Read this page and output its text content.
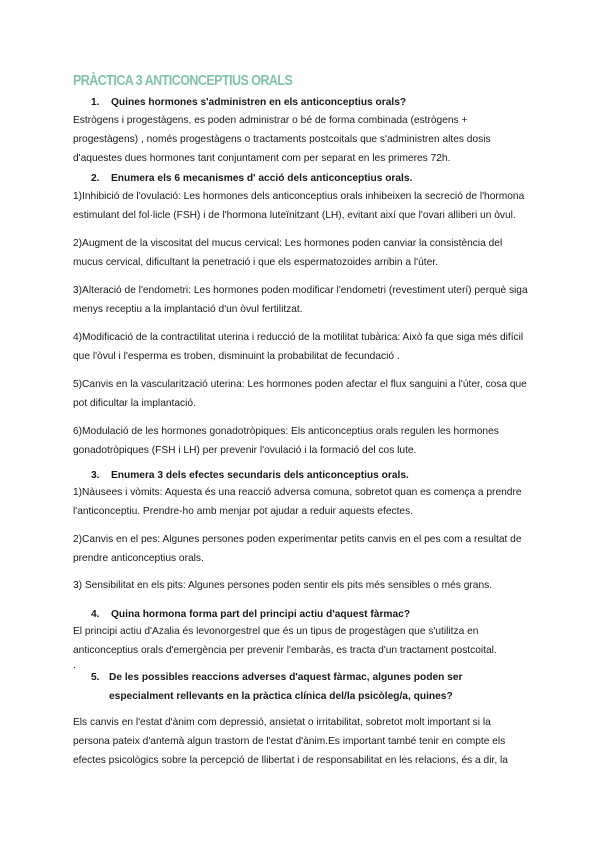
PRÀCTICA 3 ANTICONCEPTIUS ORALS
1. Quines hormones s'administren en els anticonceptius orals?
Estrògens i progestàgens, es poden administrar o bé de forma combinada (estrògens + progestàgens) , només progestàgens o tractaments postcoitals que s'administren altes dosis d'aquestes dues hormones tant conjuntament com per separat en les primeres 72h.
2. Enumera els 6 mecanismes d' acció dels anticonceptius orals.
1)Inhibició de l'ovulació: Les hormones dels anticonceptius orals inhibeixen la secreció de l'hormona estimulant del fol·licle (FSH) i de l'hormona luteïnitzant (LH), evitant així que l'ovari alliberi un òvul.
2)Augment de la viscositat del mucus cervical: Les hormones poden canviar la consistència del mucus cervical, dificultant la penetració i que els espermatozoides arribin a l'úter.
3)Alteració de l'endometri: Les hormones poden modificar l'endometri (revestiment uterí) perquè siga menys receptiu a la implantació d'un òvul fertilitzat.
4)Modificació de la contractilitat uterina i reducció de la motilitat tubàrica: Això fa que siga més difícil que l'òvul i l'esperma es troben, disminuint la probabilitat de fecundació .
5)Canvis en la vascularització uterina: Les hormones poden afectar el flux sanguini a l'úter, cosa que pot dificultar la implantació.
6)Modulació de les hormones gonadotròpiques: Els anticonceptius orals regulen les hormones gonadotròpiques (FSH i LH) per prevenir l'ovulació i la formació del cos lute.
3. Enumera 3 dels efectes secundaris dels anticonceptius orals.
1)Nàusees i vòmits: Aquesta és una reacció adversa comuna, sobretot quan es comença a prendre l'anticonceptiu. Prendre-ho amb menjar pot ajudar a reduir aquests efectes.
2)Canvis en el pes: Algunes persones poden experimentar petits canvis en el pes com a resultat de prendre anticonceptius orals.
3) Sensibilitat en els pits: Algunes persones poden sentir els pits més sensibles o més grans.
4. Quina hormona forma part del principi actiu d'aquest fàrmac?
El principi actiu d'Azalia és levonorgestrel que és un tipus de progestàgen que s'utilitza en anticonceptius orals d'emergència per prevenir l'embaràs, es tracta d'un tractament postcoital.
.
5. De les possibles reaccions adverses d'aquest fàrmac, algunes poden ser especialment rellevants en la pràctica clínica del/la psicòleg/a, quines?
Els canvis en l'estat d'ànim com depressió, ansietat o irritabilitat, sobretot molt important si la persona pateix d'antemà algun trastorn de l'estat d'ànim.Es important també tenir en compte els efectes psicològics sobre la percepció de llibertat i de responsabilitat en les relacions, és a dir, la
